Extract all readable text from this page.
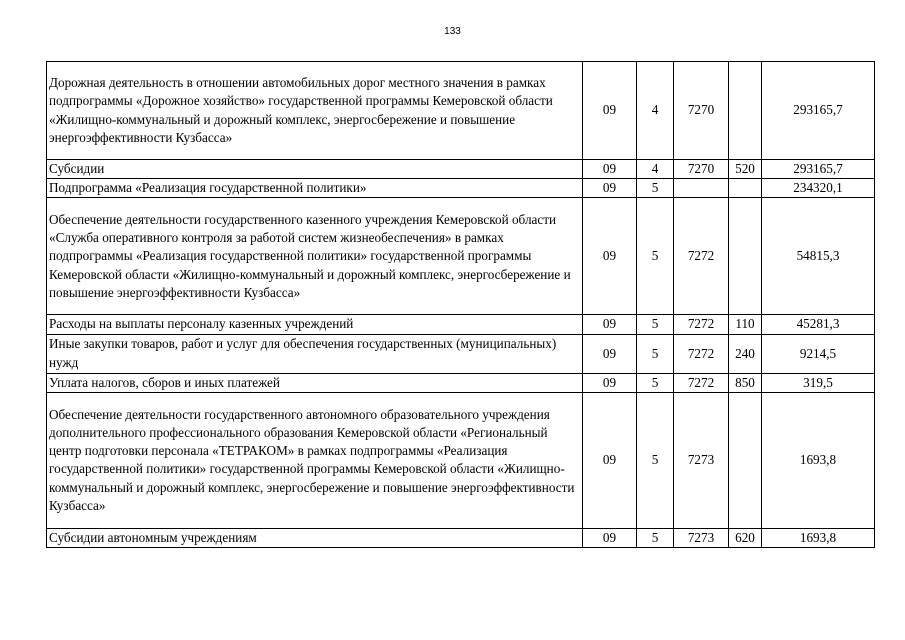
133
Дорожная деятельность в отношении автомобильных дорог местного значения в рамках подпрограммы «Дорожное хозяйство» государственной программы Кемеровской области «Жилищно-коммунальный и дорожный комплекс, энергосбережение и повышение энергоэффективности Кузбасса»	09	4	7270		293165,7
Субсидии	09	4	7270	520	293165,7
Подпрограмма «Реализация государственной политики»	09	5			234320,1
Обеспечение деятельности государственного казенного учреждения Кемеровской области «Служба оперативного контроля за работой систем жизнеобеспечения» в рамках подпрограммы «Реализация государственной политики» государственной программы Кемеровской области «Жилищно-коммунальный и дорожный комплекс, энергосбережение и повышение энергоэффективности Кузбасса»	09	5	7272		54815,3
Расходы на выплаты персоналу казенных учреждений	09	5	7272	110	45281,3
Иные закупки товаров, работ и услуг для обеспечения государственных (муниципальных) нужд	09	5	7272	240	9214,5
Уплата налогов, сборов и иных платежей	09	5	7272	850	319,5
Обеспечение деятельности государственного автономного образовательного учреждения дополнительного профессионального образования Кемеровской области «Региональный центр подготовки персонала «ТЕТРАКОМ» в рамках подпрограммы «Реализация государственной политики» государственной программы Кемеровской области «Жилищно-коммунальный и дорожный комплекс, энергосбережение и повышение энергоэффективности Кузбасса»	09	5	7273		1693,8
Субсидии автономным учреждениям	09	5	7273	620	1693,8
